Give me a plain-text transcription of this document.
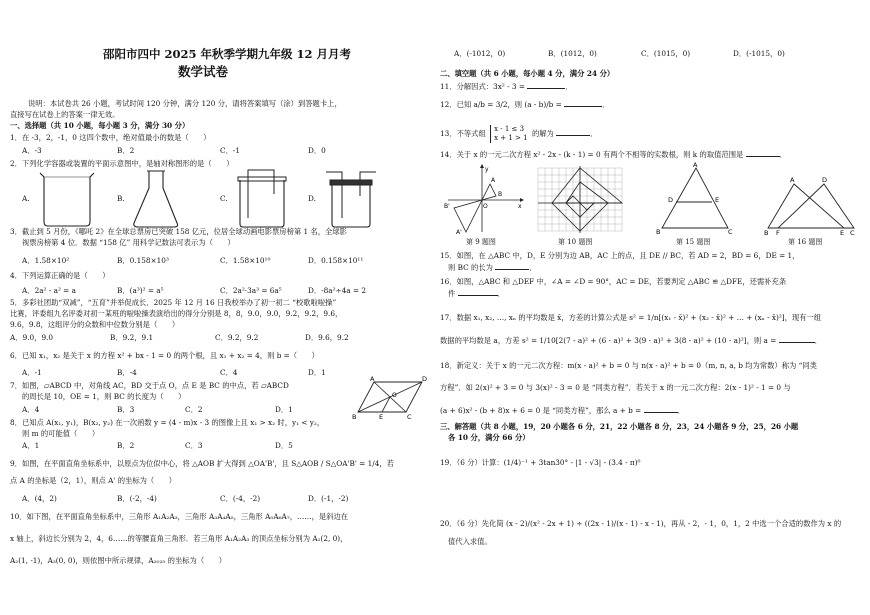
邵阳市四中 2025 年秋季学期九年级 12 月月考
数学试卷
说明：本试卷共 26 小题，考试时间 120 分钟，满分 120 分，请将答案填写（涂）到答题卡上，
直接写在试卷上的答案一律无效。
一、选择题（共 10 小题，每小题 3 分，满分 30 分）
1．在 -3，2，-1，0 这四个数中，绝对值最小的数是（　　）
A．-3	B．2	C．-1	D．0
2．下列化学容器或装置的平面示意图中，是轴对称图形的是（　　）
A.	B.	C.	D.
3．截止到 5 月份，《哪吒 2》在全球总票房已突破 158 亿元，位居全球动画电影票房榜第 1 名，全球影
视票房榜第 4 位．数据 “158 亿” 用科学记数法可表示为（　　）
A．1.58×10²	B．0.158×10³	C．1.58×10¹⁰	D．0.158×10¹¹
4．下列运算正确的是（　　）
A．2a² - a² = a	B．(a³)² = a⁵	C．2a²·3a³ = 6a⁵	D．-8a²÷4a = 2
5．多彩社团助“双减”，“五育”并举促成长．2025 年 12 月 16 日我校举办了初一初二 “校歌啦啦操”
比赛，评委组九名评委对初一某班的啦啦操表演给出的得分分别是 8，8，9.0，9.0，9.2，9.2，9.6，
9.6，9.8，这组评分的众数和中位数分别是（　　）
A．9.0，9.0	B．9.2，9.1	C．9.2，9.2	D．9.6，9.2
6．已知 x₁，x₂ 是关于 x 的方程 x² + bx - 1 = 0 的两个根，且 x₁ + x₂ = 4，则 b =（　　）
A．-1	B．-4	C．4	D．1
7．如图，▱ABCD 中，对角线 AC，BD 交于点 O，点 E 是 BC 的中点，若 ▱ABCD
的周长是 10，OE = 1，则 BC 的长度为（　　）
A．4	B．3	C．2	D．1
A	D
O
B	E	C
8．已知点 A(x₁, y₁)，B(x₂, y₂) 在一次函数 y = (4 - m)x - 3 的图像上且 x₁ > x₂ 时，y₁ < y₂，
则 m 的可能值（　　）
A．1	B．2	C．3	D．5
9．如图，在平面直角坐标系中，以原点为位似中心，将 △AOB 扩大得到 △OA'B'，且 S△AOB / S△OA'B' = 1/4，若
点 A 的坐标是（2，1），则点 A' 的坐标为（　　）
A．(4，2)	B．(-2，-4)	C．(-4，-2)	D．(-1，-2)
10．如下图，在平面直角坐标系中，三角形 A₁A₂A₃，三角形 A₃A₄A₅，三角形 A₅A₆A₇，……，是斜边在
x 轴上，斜边长分别为 2，4，6……的等腰直角三角形．若三角形 A₁A₂A₃ 的顶点坐标分别为 A₁(2, 0)，
A₂(1, -1)，A₃(0, 0)，则依图中所示规律，A₂₀₂₅ 的坐标为（　　）
A．(-1012，0)	B．(1012，0)	C．(1015，0)	D．(-1015，0)
二、填空题（共 6 小题，每小题 4 分，满分 24 分）
11．分解因式：3x² - 3 =	．
12．已知 a/b = 3/2，则 (a - b)/b =	．
13．不等式组 x - 1 ≤ 3
x + 1 > 1 的解为	．
14．关于 x 的一元二次方程 x² - 2x - (k - 1) = 0 有两个不相等的实数根，则 k 的取值范围是	．
y
A
B
O	x
B'
A'
A
D	E
B	C
A	D
B F	E C
第 9 题图	第 10 题图	第 15 题图	第 16 题图
15．如图，在 △ABC 中，D，E 分别为边 AB，AC 上的点，且 DE // BC，若 AD = 2，BD = 6，DE = 1，
则 BC 的长为	．
16．如图，△ABC 和 △DEF 中，∠A = ∠D = 90°，AC = DE，若要判定 △ABC ≌ △DFE，还需补充条
件	．
17．数据 x₁, x₂, …, xₙ 的平均数是 x̄，方差的计算公式是 s² = 1/n[(x₁ - x̄)² + (x₂ - x̄)² + … + (xₙ - x̄)²]，现有一组
数据的平均数是 a，方差 s² = 1/10[2(7 - a)² + (6 - a)² + 3(9 - a)² + 3(8 - a)² + (10 - a)²]，则 a =	．
18．新定义：关于 x 的一元二次方程：m(x - a)² + b = 0 与 n(x - a)² + b = 0（m, n, a, b 均为常数）称为 “同类
方程”．如 2(x)² + 3 = 0 与 3(x)² - 3 = 0 是 “同类方程”．若关于 x 的一元二次方程：2(x - 1)² - 1 = 0 与
(a + 6)x² - (b + 8)x + 6 = 0 是 “同类方程”，那么 a + b =	．
三、解答题（共 8 小题，19，20 小题各 6 分，21，22 小题各 8 分，23，24 小题各 9 分，25，26 小题
各 10 分，满分 66 分）
19．（6 分）计算：(1/4)⁻¹ + 3tan30° - |1 - √3| - (3.4 - π)⁰
20．（6 分）先化简 (x - 2)/(x² - 2x + 1) ÷ ((2x - 1)/(x - 1) - x - 1)，再从 - 2，- 1，0，1，2 中选一个合适的数作为 x 的
值代入求值。
